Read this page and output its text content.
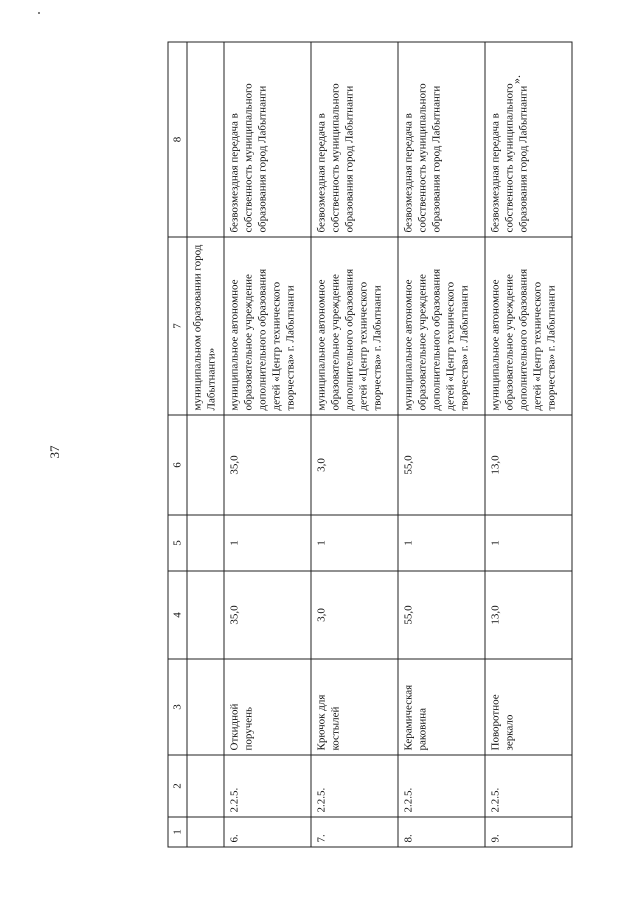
37
1	2	3	4	5	6	7	8
						муниципальном образовании город Лабытнанги»	
6.	2.2.5.	Откидной поручень	35,0	1	35,0	муниципальное автономное образовательное учреждение дополнительного образования детей «Центр технического творчества» г. Лабытнанги	безвозмездная передача в собственность муниципального образования город Лабытнанги
7.	2.2.5.	Крючок для костылей	3,0	1	3,0	муниципальное автономное образовательное учреждение дополнительного образования детей «Центр технического творчества» г. Лабытнанги	безвозмездная передача в собственность муниципального образования город Лабытнанги
8.	2.2.5.	Керамическая раковина	55,0	1	55,0	муниципальное автономное образовательное учреждение дополнительного образования детей «Центр технического творчества» г. Лабытнанги	безвозмездная передача в собственность муниципального образования город Лабытнанги
9.	2.2.5.	Поворотное зеркало	13,0	1	13,0	муниципальное автономное образовательное учреждение дополнительного образования детей «Центр технического творчества» г. Лабытнанги	безвозмездная передача в собственность муниципального образования город Лабытнанги
».
